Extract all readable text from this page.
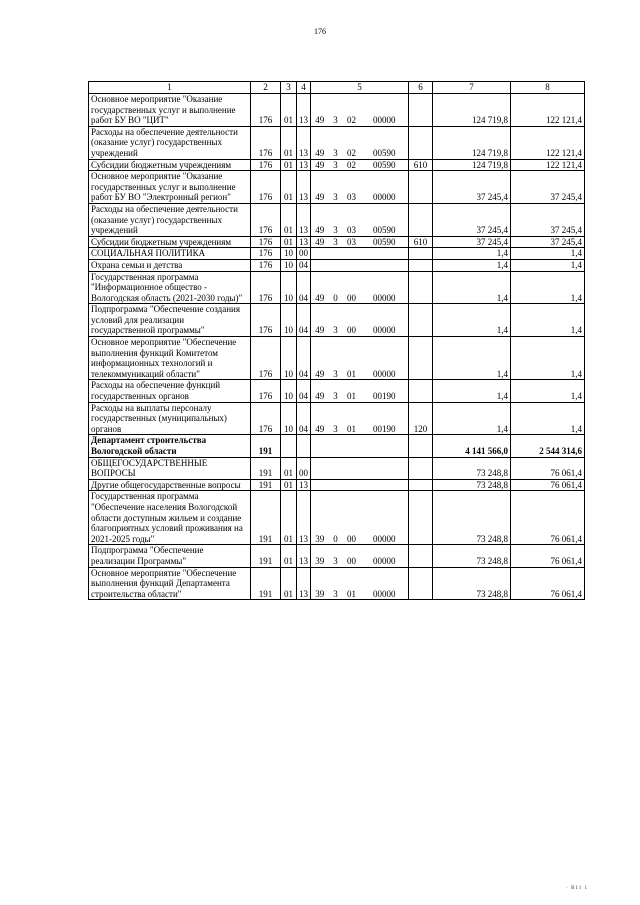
176
1	2	3	4	5				6	7	8
Основное мероприятие "Оказание государственных услуг и выполнение работ БУ ВО "ЦИТ"	176	01	13	49	3	02	00000		124 719,8	122 121,4
Расходы на обеспечение деятельности (оказание услуг) государственных учреждений	176	01	13	49	3	02	00590		124 719,8	122 121,4
Субсидии бюджетным учреждениям	176	01	13	49	3	02	00590	610	124 719,8	122 121,4
Основное мероприятие "Оказание государственных услуг и выполнение работ БУ ВО "Электронный регион"	176	01	13	49	3	03	00000		37 245,4	37 245,4
Расходы на обеспечение деятельности (оказание услуг) государственных учреждений	176	01	13	49	3	03	00590		37 245,4	37 245,4
Субсидии бюджетным учреждениям	176	01	13	49	3	03	00590	610	37 245,4	37 245,4
СОЦИАЛЬНАЯ ПОЛИТИКА	176	10	00						1,4	1,4
Охрана семьи и детства	176	10	04						1,4	1,4
Государственная программа "Информационное общество - Вологодская область (2021-2030 годы)"	176	10	04	49	0	00	00000		1,4	1,4
Подпрограмма "Обеспечение создания условий для реализации государственной программы"	176	10	04	49	3	00	00000		1,4	1,4
Основное мероприятие "Обеспечение выполнения функций Комитетом информационных технологий и телекоммуникаций области"	176	10	04	49	3	01	00000		1,4	1,4
Расходы на обеспечение функций государственных органов	176	10	04	49	3	01	00190		1,4	1,4
Расходы на выплаты персоналу государственных (муниципальных) органов	176	10	04	49	3	01	00190	120	1,4	1,4
Департамент строительства Вологодской области	191								4 141 566,0	2 544 314,6
ОБЩЕГОСУДАРСТВЕННЫЕ ВОПРОСЫ	191	01	00						73 248,8	76 061,4
Другие общегосударственные вопросы	191	01	13						73 248,8	76 061,4
Государственная программа "Обеспечение населения Вологодской области доступным жильем и создание благоприятных условий проживания на 2021-2025 годы"	191	01	13	39	0	00	00000		73 248,8	76 061,4
Подпрограмма "Обеспечение реализации Программы"	191	01	13	39	3	00	00000		73 248,8	76 061,4
Основное мероприятие "Обеспечение выполнения функций Департамента строительства области"	191	01	13	39	3	01	00000		73 248,8	76 061,4
· В11 1
